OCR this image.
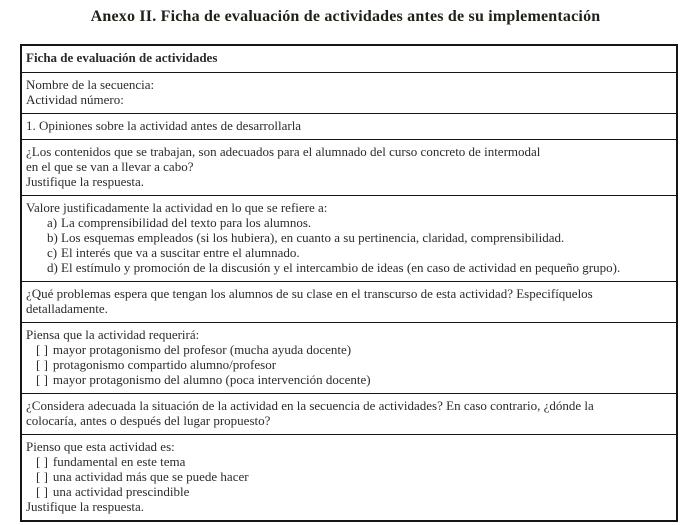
Anexo II. Ficha de evaluación de actividades antes de su implementación
Ficha de evaluación de actividades

Nombre de la secuencia:
Actividad número:

1. Opiniones sobre la actividad antes de desarrollarla

¿Los contenidos que se trabajan, son adecuados para el alumnado del curso concreto de intermodal
en el que se van a llevar a cabo?
Justifique la respuesta.

Valore justificadamente la actividad en lo que se refiere a:
a) La comprensibilidad del texto para los alumnos.
b) Los esquemas empleados (si los hubiera), en cuanto a su pertinencia, claridad, comprensibilidad.
c) El interés que va a suscitar entre el alumnado.
d) El estímulo y promoción de la discusión y el intercambio de ideas (en caso de actividad en pequeño grupo).

¿Qué problemas espera que tengan los alumnos de su clase en el transcurso de esta actividad? Especifíquelos
detalladamente.

Piensa que la actividad requerirá:
[ ] mayor protagonismo del profesor (mucha ayuda docente)
[ ] protagonismo compartido alumno/profesor
[ ] mayor protagonismo del alumno (poca intervención docente)

¿Considera adecuada la situación de la actividad en la secuencia de actividades? En caso contrario, ¿dónde la
colocaría, antes o después del lugar propuesto?

Pienso que esta actividad es:
[ ] fundamental en este tema
[ ] una actividad más que se puede hacer
[ ] una actividad prescindible
Justifique la respuesta.
